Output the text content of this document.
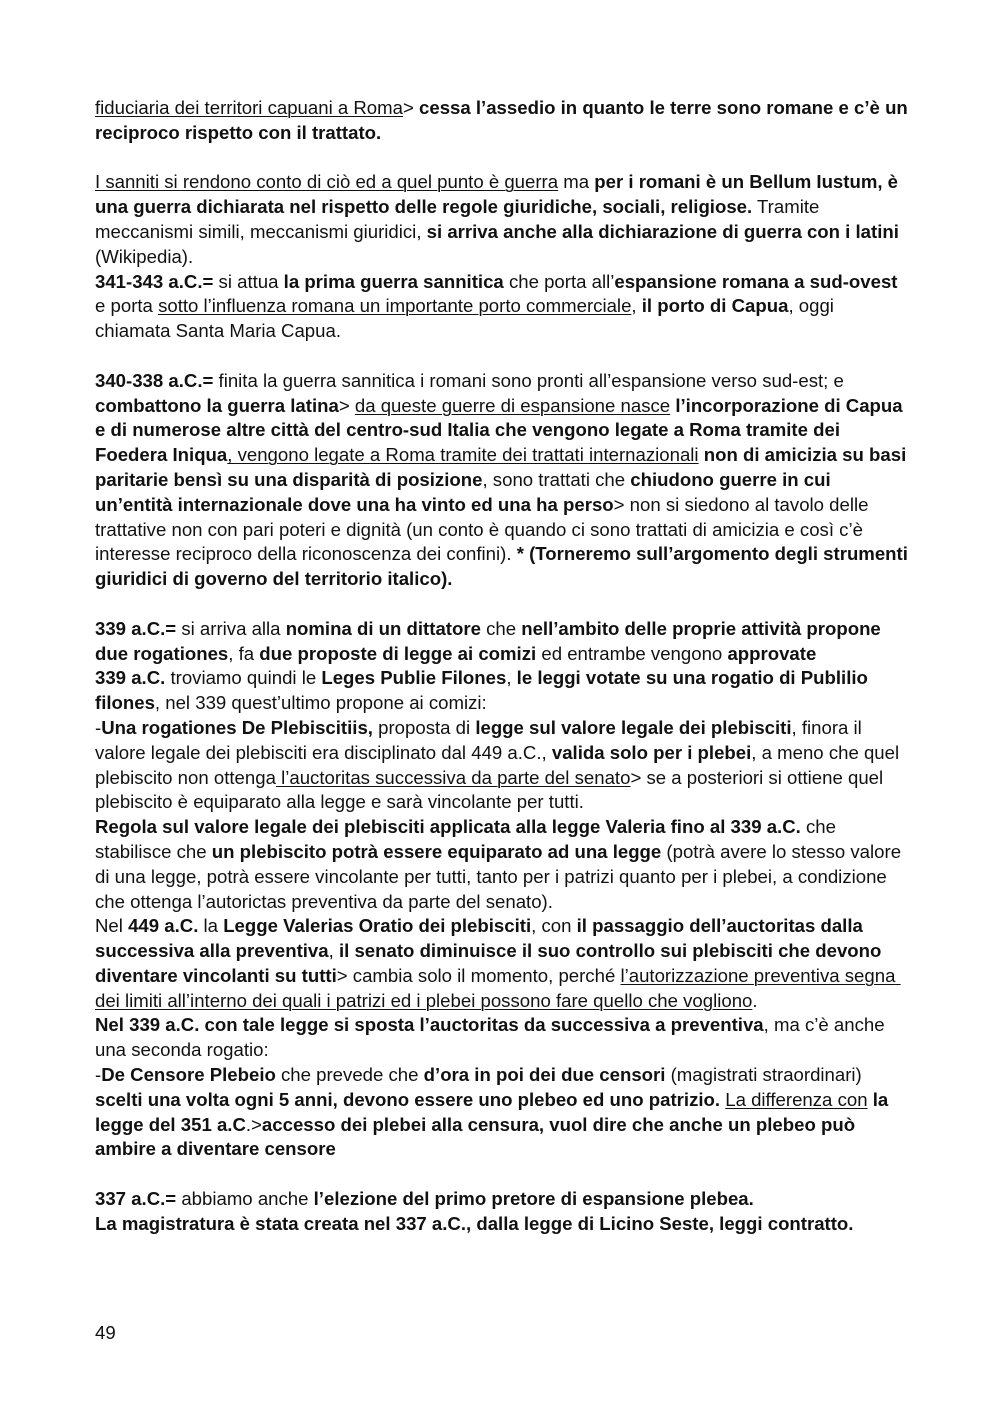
fiduciaria dei territori capuani a Roma> cessa l’assedio in quanto le terre sono romane e c’è un reciproco rispetto con il trattato.

I sanniti si rendono conto di ciò ed a quel punto è guerra ma per i romani è un Bellum Iustum, è una guerra dichiarata nel rispetto delle regole giuridiche, sociali, religiose. Tramite meccanismi simili, meccanismi giuridici, si arriva anche alla dichiarazione di guerra con i latini  (Wikipedia).

341-343 a.C.= si attua la prima guerra sannitica che porta all’espansione romana a sud-ovest e porta sotto l’influenza romana un importante porto commerciale, il porto di Capua, oggi chiamata Santa Maria Capua.

340-338 a.C.= finita la guerra sannitica i romani sono pronti all’espansione verso sud-est; e combattono la guerra latina> da queste guerre di espansione nasce l’incorporazione di Capua e di numerose altre città del centro-sud Italia che vengono legate a Roma tramite dei Foedera Iniqua, vengono legate a Roma tramite dei trattati internazionali non di amicizia su basi paritarie bensì su una disparità di posizione, sono trattati che chiudono guerre in cui un’entità internazionale dove una ha vinto ed una ha perso> non si siedono al tavolo delle trattative non con pari poteri e dignità (un conto è quando ci sono trattati di amicizia e così c’è interesse reciproco della riconoscenza dei confini). * (Torneremo sull’argomento degli strumenti giuridici di governo del territorio italico).

339 a.C.= si arriva alla nomina di un dittatore che nell’ambito delle proprie attività propone due rogationes, fa due proposte di legge ai comizi ed entrambe vengono approvate

339 a.C. troviamo quindi le Leges Publie Filones, le leggi votate su una rogatio di Publilio filones, nel 339 quest’ultimo propone ai comizi:

-Una rogationes De Plebiscitiis, proposta di legge sul valore legale dei plebisciti, finora il valore legale dei plebisciti era disciplinato dal 449 a.C., valida solo per i plebei, a meno che quel plebiscito non ottenga l’auctoritas successiva da parte del senato> se a posteriori si ottiene quel plebiscito è equiparato alla legge e sarà vincolante per tutti.

Regola sul valore legale dei plebisciti applicata alla legge Valeria fino al 339 a.C. che stabilisce che un plebiscito potrà essere equiparato ad una legge (potrà avere lo stesso valore di una legge, potrà essere vincolante per tutti, tanto per i patrizi quanto per i plebei, a condizione che ottenga l’autorictas preventiva da parte del senato).

Nel 449 a.C. la Legge Valerias Oratio dei plebisciti, con il passaggio dell’auctoritas dalla successiva alla preventiva, il senato diminuisce il suo controllo sui plebisciti che devono diventare vincolanti su tutti> cambia solo il momento, perché l’autorizzazione preventiva segna dei limiti all’interno dei quali i patrizi ed i plebei possono fare quello che vogliono.

Nel 339 a.C. con tale legge si sposta l’auctoritas da successiva a preventiva, ma c’è anche una seconda rogatio:

-De Censore Plebeio che prevede che d’ora in poi dei due censori (magistrati straordinari) scelti una volta ogni 5 anni, devono essere uno plebeo ed uno patrizio. La differenza con la legge del 351 a.C.>accesso dei plebei alla censura, vuol dire che anche un plebeo può ambire a diventare censore

337 a.C.= abbiamo anche l’elezione del primo pretore di espansione plebea.

La magistratura è stata creata nel 337 a.C., dalla legge di Licino Seste, leggi contratto.

49
